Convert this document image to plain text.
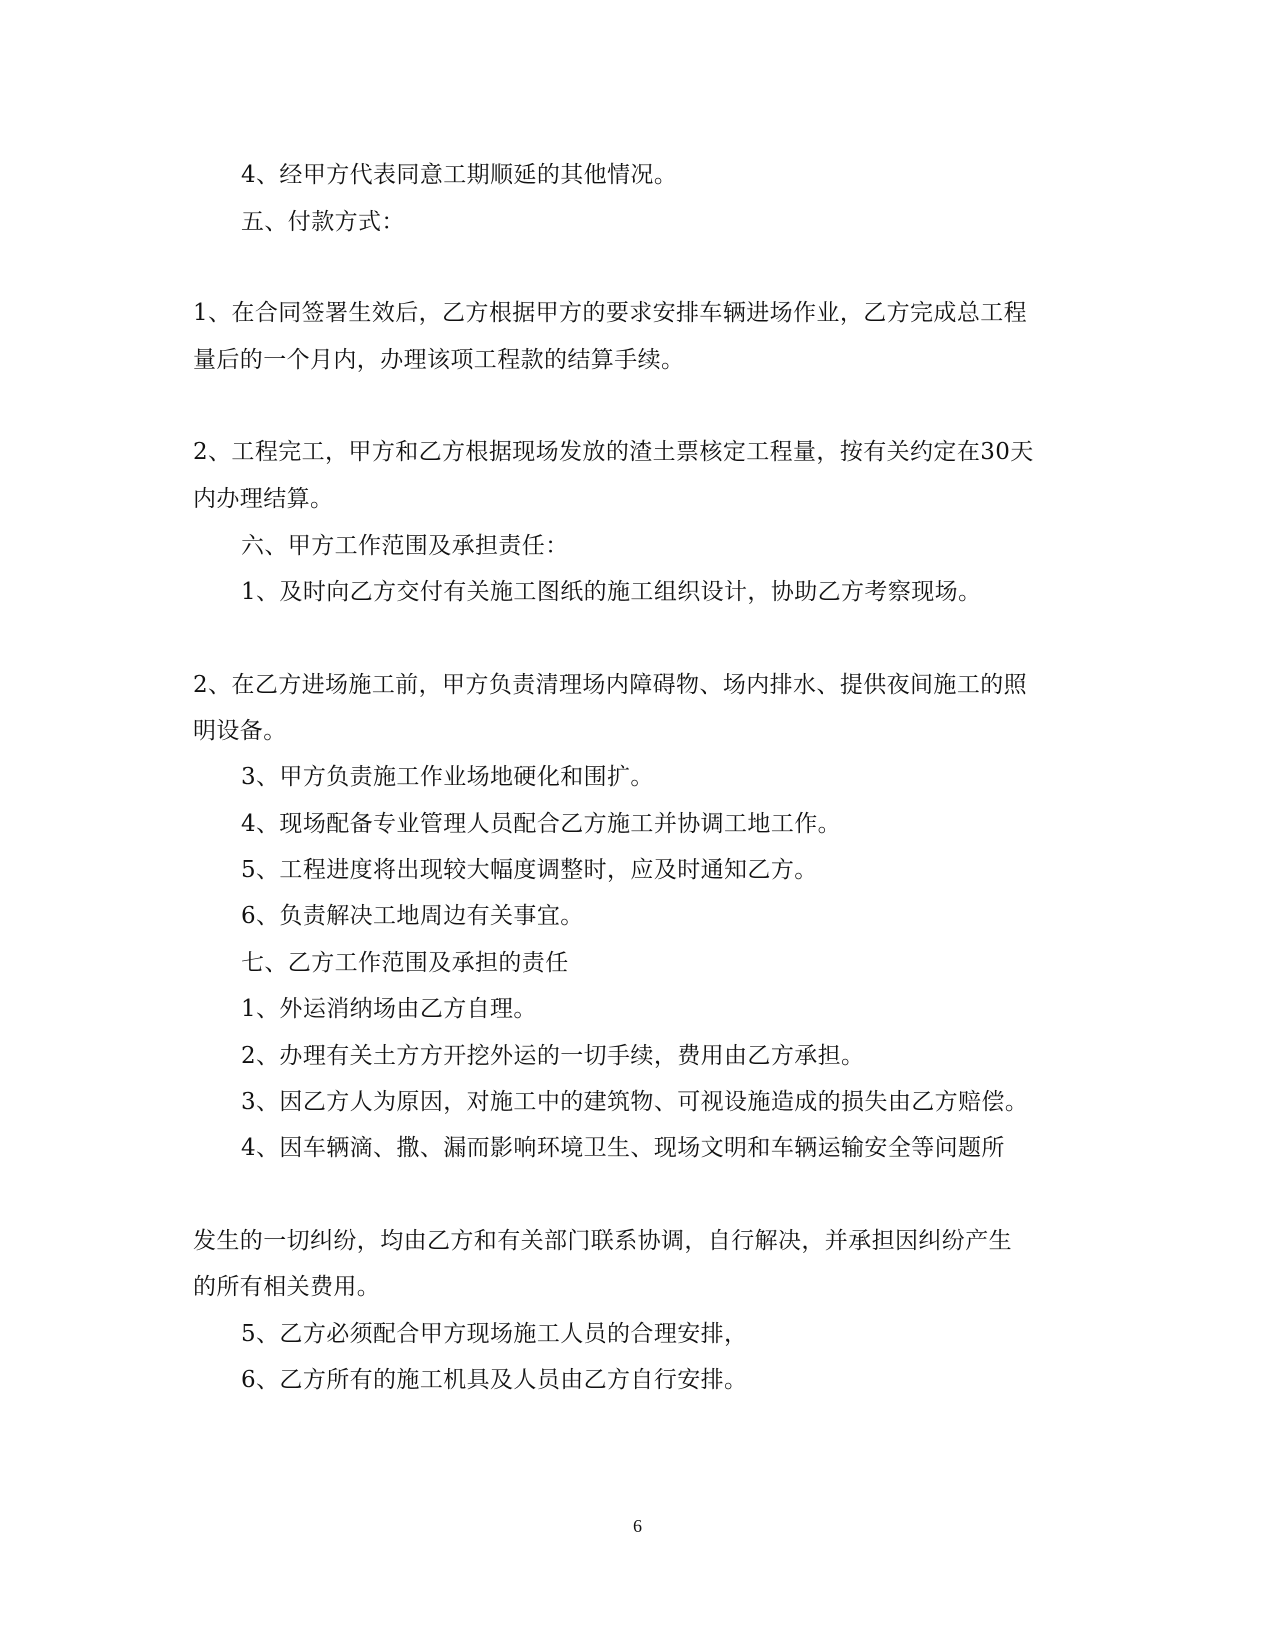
4、经甲方代表同意工期顺延的其他情况。
五、付款方式：
1、在合同签署生效后，乙方根据甲方的要求安排车辆进场作业，乙方完成总工程
量后的一个月内，办理该项工程款的结算手续。
2、工程完工，甲方和乙方根据现场发放的渣土票核定工程量，按有关约定在30天
内办理结算。
六、甲方工作范围及承担责任：
1、及时向乙方交付有关施工图纸的施工组织设计，协助乙方考察现场。
2、在乙方进场施工前，甲方负责清理场内障碍物、场内排水、提供夜间施工的照
明设备。
3、甲方负责施工作业场地硬化和围扩。
4、现场配备专业管理人员配合乙方施工并协调工地工作。
5、工程进度将出现较大幅度调整时，应及时通知乙方。
6、负责解决工地周边有关事宜。
七、乙方工作范围及承担的责任
1、外运消纳场由乙方自理。
2、办理有关土方方开挖外运的一切手续，费用由乙方承担。
3、因乙方人为原因，对施工中的建筑物、可视设施造成的损失由乙方赔偿。
4、因车辆滴、撒、漏而影响环境卫生、现场文明和车辆运输安全等问题所
发生的一切纠纷，均由乙方和有关部门联系协调，自行解决，并承担因纠纷产生
的所有相关费用。
5、乙方必须配合甲方现场施工人员的合理安排，
6、乙方所有的施工机具及人员由乙方自行安排。
6
